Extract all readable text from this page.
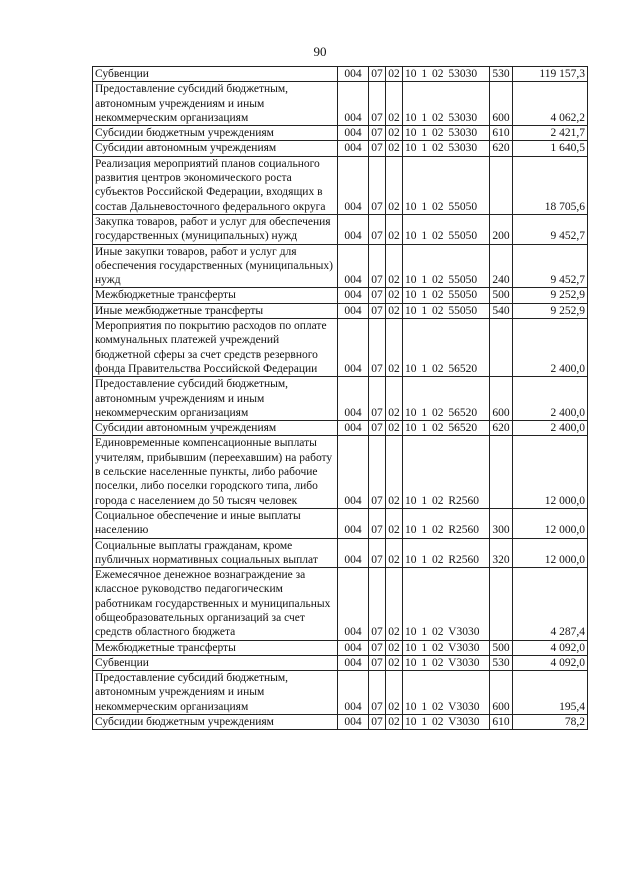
90
Субвенции	004	07	02	10 1 02 53030	530	119 157,3
Предоставление субсидий бюджетным, автономным учреждениям и иным некоммерческим организациям	004	07	02	10 1 02 53030	600	4 062,2
Субсидии бюджетным учреждениям	004	07	02	10 1 02 53030	610	2 421,7
Субсидии автономным учреждениям	004	07	02	10 1 02 53030	620	1 640,5
Реализация мероприятий планов социального развития центров экономического роста субъектов Российской Федерации, входящих в состав Дальневосточного федерального округа	004	07	02	10 1 02 55050		18 705,6
Закупка товаров, работ и услуг для обеспечения государственных (муниципальных) нужд	004	07	02	10 1 02 55050	200	9 452,7
Иные закупки товаров, работ и услуг для обеспечения государственных (муниципальных) нужд	004	07	02	10 1 02 55050	240	9 452,7
Межбюджетные трансферты	004	07	02	10 1 02 55050	500	9 252,9
Иные межбюджетные трансферты	004	07	02	10 1 02 55050	540	9 252,9
Мероприятия по покрытию расходов по оплате коммунальных платежей учреждений бюджетной сферы за счет средств резервного фонда Правительства Российской Федерации	004	07	02	10 1 02 56520		2 400,0
Предоставление субсидий бюджетным, автономным учреждениям и иным некоммерческим организациям	004	07	02	10 1 02 56520	600	2 400,0
Субсидии автономным учреждениям	004	07	02	10 1 02 56520	620	2 400,0
Единовременные компенсационные выплаты учителям, прибывшим (переехавшим) на работу в сельские населенные пункты, либо рабочие поселки, либо поселки городского типа, либо города с населением до 50 тысяч человек	004	07	02	10 1 02 R2560		12 000,0
Социальное обеспечение и иные выплаты населению	004	07	02	10 1 02 R2560	300	12 000,0
Социальные выплаты гражданам, кроме публичных нормативных социальных выплат	004	07	02	10 1 02 R2560	320	12 000,0
Ежемесячное денежное вознаграждение за классное руководство педагогическим работникам государственных и муниципальных общеобразовательных организаций за счет средств областного бюджета	004	07	02	10 1 02 V3030		4 287,4
Межбюджетные трансферты	004	07	02	10 1 02 V3030	500	4 092,0
Субвенции	004	07	02	10 1 02 V3030	530	4 092,0
Предоставление субсидий бюджетным, автономным учреждениям и иным некоммерческим организациям	004	07	02	10 1 02 V3030	600	195,4
Субсидии бюджетным учреждениям	004	07	02	10 1 02 V3030	610	78,2
